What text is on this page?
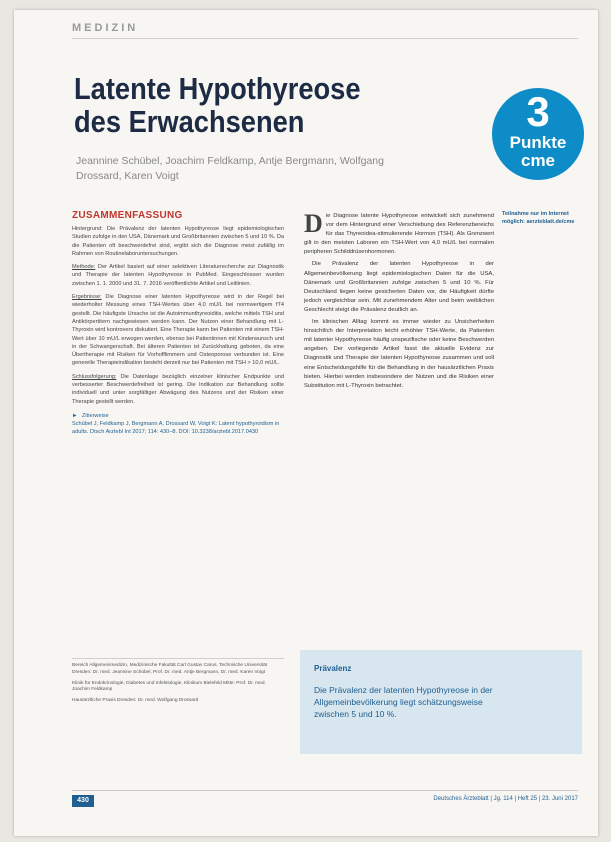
MEDIZIN
Latente Hypothyreose
des Erwachsenen
Jeannine Schübel, Joachim Feldkamp, Antje Bergmann, Wolfgang Drossard, Karen Voigt
3
Punkte
cme
Teilnahme nur im Internet möglich: aerzteblatt.de/cme
ZUSAMMENFASSUNG

Hintergrund: Die Prävalenz der latenten Hypothyreose liegt epidemiologischen Studien zufolge in den USA, Dänemark und Großbritannien zwischen 5 und 10 %. Da die Patienten oft beschwerdefrei sind, ergibt sich die Diagnose meist zufällig im Rahmen von Routinelaboruntersuchungen.

Methode: Der Artikel basiert auf einer selektiven Literaturrecherche zur Diagnostik und Therapie der latenten Hypothyreose in PubMed. Eingeschlossen wurden zwischen 1. 1. 2000 und 31. 7. 2016 veröffentlichte Artikel und Leitlinien.

Ergebnisse: Die Diagnose einer latenten Hypothyreose wird in der Regel bei wiederholter Messung eines TSH-Wertes über 4,0 mU/L bei normwertigem fT4 gestellt. Die häufigste Ursache ist die Autoimmunthyreoiditis, welche mittels TSH und Antikörpertitern nachgewiesen werden kann. Der Nutzen einer Behandlung mit L-Thyroxin wird kontrovers diskutiert. Eine Therapie kann bei Patienten mit einem TSH-Wert über 10 mU/L erwogen werden, ebenso bei Patientinnen mit Kinderwunsch und in der Schwangerschaft. Bei älteren Patienten ist Zurückhaltung geboten, da eine Übertherapie mit Risiken für Vorhofflimmern und Osteoporose verbunden ist. Eine generelle Therapieindikation besteht derzeit nur bei Patienten mit TSH > 10,0 mU/L.

Schlussfolgerung: Die Datenlage bezüglich einzelner klinischer Endpunkte und verbesserter Beschwerdefreiheit ist gering. Die Indikation zur Behandlung sollte individuell und unter sorgfältiger Abwägung des Nutzens und der Risiken einer Therapie gestellt werden.

► Zitierweise
Schübel J, Feldkamp J, Bergmann A, Drossard W, Voigt K: Latent hypothyroidism in adults. Dtsch Arztebl Int 2017; 114: 430–8. DOI: 10.3238/arztebl.2017.0430

Bereich Allgemeinmedizin, Medizinische Fakultät Carl Gustav Carus, Technische Universität Dresden: Dr. med. Jeannine Schübel, Prof. Dr. med. Antje Bergmann, Dr. med. Karen Voigt

Klinik für Endokrinologie, Diabetes und Infektiologie, Klinikum Bielefeld Mitte: Prof. Dr. med. Joachim Feldkamp

Hausärztliche Praxis Dresden: Dr. med. Wolfgang Drossard

Die Diagnose latente Hypothyreose entwickelt sich zunehmend vor dem Hintergrund einer Verschiebung des Referenzbereichs für das Thyreoidea-stimulierende Hormon (TSH). Als Grenzwert gilt in den meisten Laboren ein TSH-Wert von 4,0 mU/L bei normalen peripheren Schilddrüsenhormonen.

Die Prävalenz der latenten Hypothyreose in der Allgemeinbevölkerung liegt epidemiologischen Daten für die USA, Dänemark und Großbritannien zufolge zwischen 5 und 10 %. Für Deutschland liegen keine gesicherten Daten vor, die Häufigkeit dürfte jedoch vergleichbar sein. Mit zunehmendem Alter und beim weiblichen Geschlecht steigt die Prävalenz deutlich an.

Im klinischen Alltag kommt es immer wieder zu Unsicherheiten hinsichtlich der Interpretation leicht erhöhter TSH-Werte, da Patienten mit latenter Hypothyreose häufig unspezifische oder keine Beschwerden angeben. Der vorliegende Artikel fasst die aktuelle Evidenz zur Diagnostik und Therapie der latenten Hypothyreose zusammen und soll eine Entscheidungshilfe für die Behandlung in der hausärztlichen Praxis bieten. Hierbei werden insbesondere der Nutzen und die Risiken einer Substitution mit L-Thyroxin betrachtet.

Prävalenz
Die Prävalenz der latenten Hypothyreose in der Allgemeinbevölkerung liegt schätzungsweise zwischen 5 und 10 %.
430	Deutsches Ärzteblatt | Jg. 114 | Heft 25 | 23. Juni 2017
